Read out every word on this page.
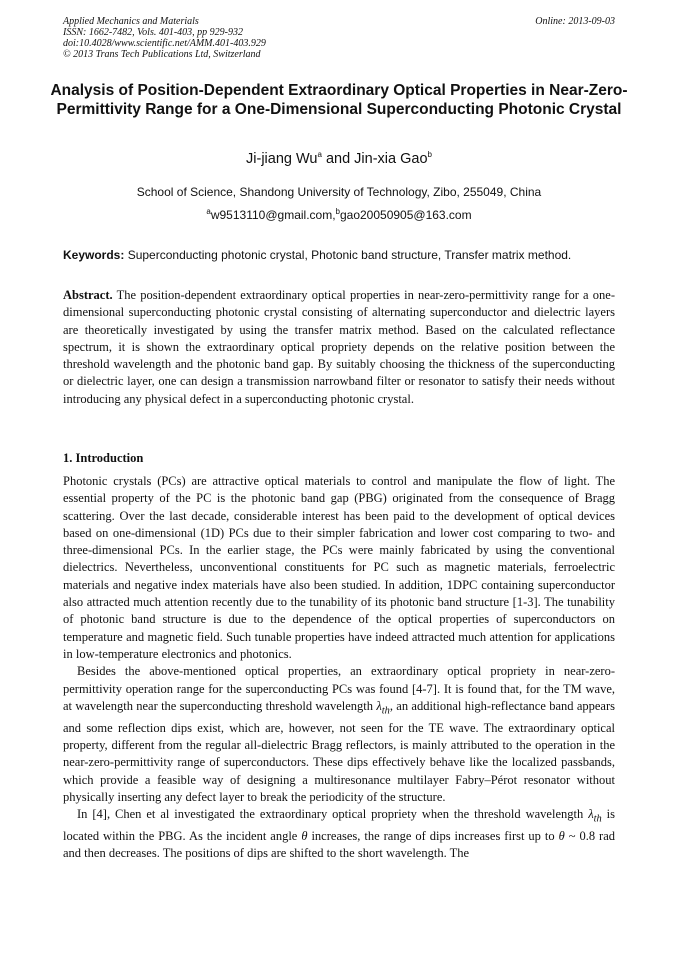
Applied Mechanics and Materials
ISSN: 1662-7482, Vols. 401-403, pp 929-932
doi:10.4028/www.scientific.net/AMM.401-403.929
© 2013 Trans Tech Publications Ltd, Switzerland
Online: 2013-09-03
Analysis of Position-Dependent Extraordinary Optical Properties in Near-Zero-Permittivity Range for a One-Dimensional Superconducting Photonic Crystal
Ji-jiang Wu$^a$ and Jin-xia Gao$^b$
School of Science, Shandong University of Technology, Zibo, 255049, China
$^a$w9513110@gmail.com,$^b$gao20050905@163.com
Keywords: Superconducting photonic crystal, Photonic band structure, Transfer matrix method.

Abstract. The position-dependent extraordinary optical properties in near-zero-permittivity range for a one-dimensional superconducting photonic crystal consisting of alternating superconductor and dielectric layers are theoretically investigated by using the transfer matrix method. Based on the calculated reflectance spectrum, it is shown the extraordinary optical propriety depends on the relative position between the threshold wavelength and the photonic band gap. By suitably choosing the thickness of the superconducting or dielectric layer, one can design a transmission narrowband filter or resonator to satisfy their needs without introducing any physical defect in a superconducting photonic crystal.

1. Introduction

Photonic crystals (PCs) are attractive optical materials to control and manipulate the flow of light. The essential property of the PC is the photonic band gap (PBG) originated from the consequence of Bragg scattering. Over the last decade, considerable interest has been paid to the development of optical devices based on one-dimensional (1D) PCs due to their simpler fabrication and lower cost comparing to two- and three-dimensional PCs. In the earlier stage, the PCs were mainly fabricated by using the conventional dielectrics. Nevertheless, unconventional constituents for PC such as magnetic materials, ferroelectric materials and negative index materials have also been studied. In addition, 1DPC containing superconductor also attracted much attention recently due to the tunability of its photonic band structure [1-3]. The tunability of photonic band structure is due to the dependence of the optical properties of superconductors on temperature and magnetic field. Such tunable properties have indeed attracted much attention for applications in low-temperature electronics and photonics.

Besides the above-mentioned optical properties, an extraordinary optical propriety in near-zero-permittivity operation range for the superconducting PCs was found [4-7]. It is found that, for the TM wave, at wavelength near the superconducting threshold wavelength $\lambda_{th}$, an additional high-reflectance band appears and some reflection dips exist, which are, however, not seen for the TE wave. The extraordinary optical property, different from the regular all-dielectric Bragg reflectors, is mainly attributed to the operation in the near-zero-permittivity range of superconductors. These dips effectively behave like the localized passbands, which provide a feasible way of designing a multiresonance multilayer Fabry–Pérot resonator without physically inserting any defect layer to break the periodicity of the structure.

In [4], Chen et al investigated the extraordinary optical propriety when the threshold wavelength $\lambda_{th}$ is located within the PBG. As the incident angle θ increases, the range of dips increases first up to θ ~ 0.8 rad and then decreases. The positions of dips are shifted to the short wavelength. The
